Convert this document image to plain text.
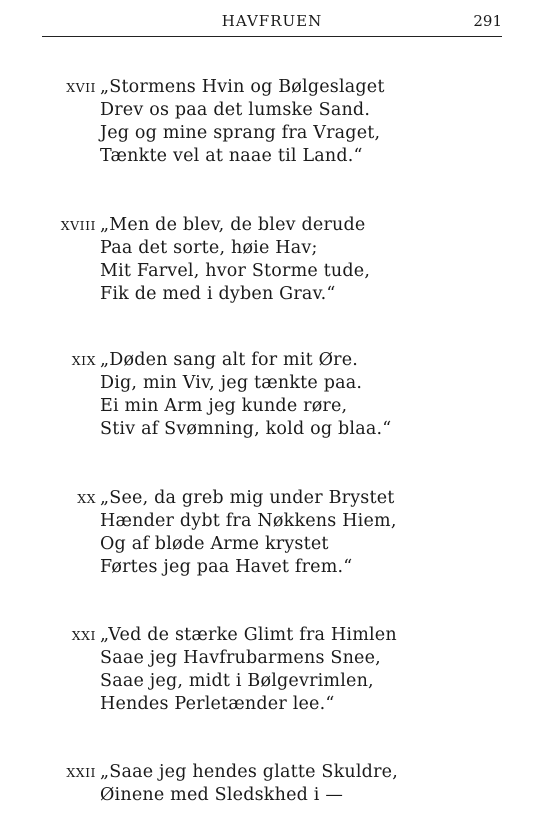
HAVFRUEN	291
XVII „Stormens Hvin og Bølgeslaget
Drev os paa det lumske Sand.
Jeg og mine sprang fra Vraget,
Tænkte vel at naae til Land.“
XVIII „Men de blev, de blev derude
Paa det sorte, høie Hav;
Mit Farvel, hvor Storme tude,
Fik de med i dyben Grav.“
XIX „Døden sang alt for mit Øre.
Dig, min Viv, jeg tænkte paa.
Ei min Arm jeg kunde røre,
Stiv af Svømning, kold og blaa.“
XX „See, da greb mig under Brystet
Hænder dybt fra Nøkkens Hiem,
Og af bløde Arme krystet
Førtes jeg paa Havet frem.“
XXI „Ved de stærke Glimt fra Himlen
Saae jeg Havfrubarmens Snee,
Saae jeg, midt i Bølgevrimlen,
Hendes Perletænder lee.“
XXII „Saae jeg hendes glatte Skuldre,
Øinene med Sledskhed i —
